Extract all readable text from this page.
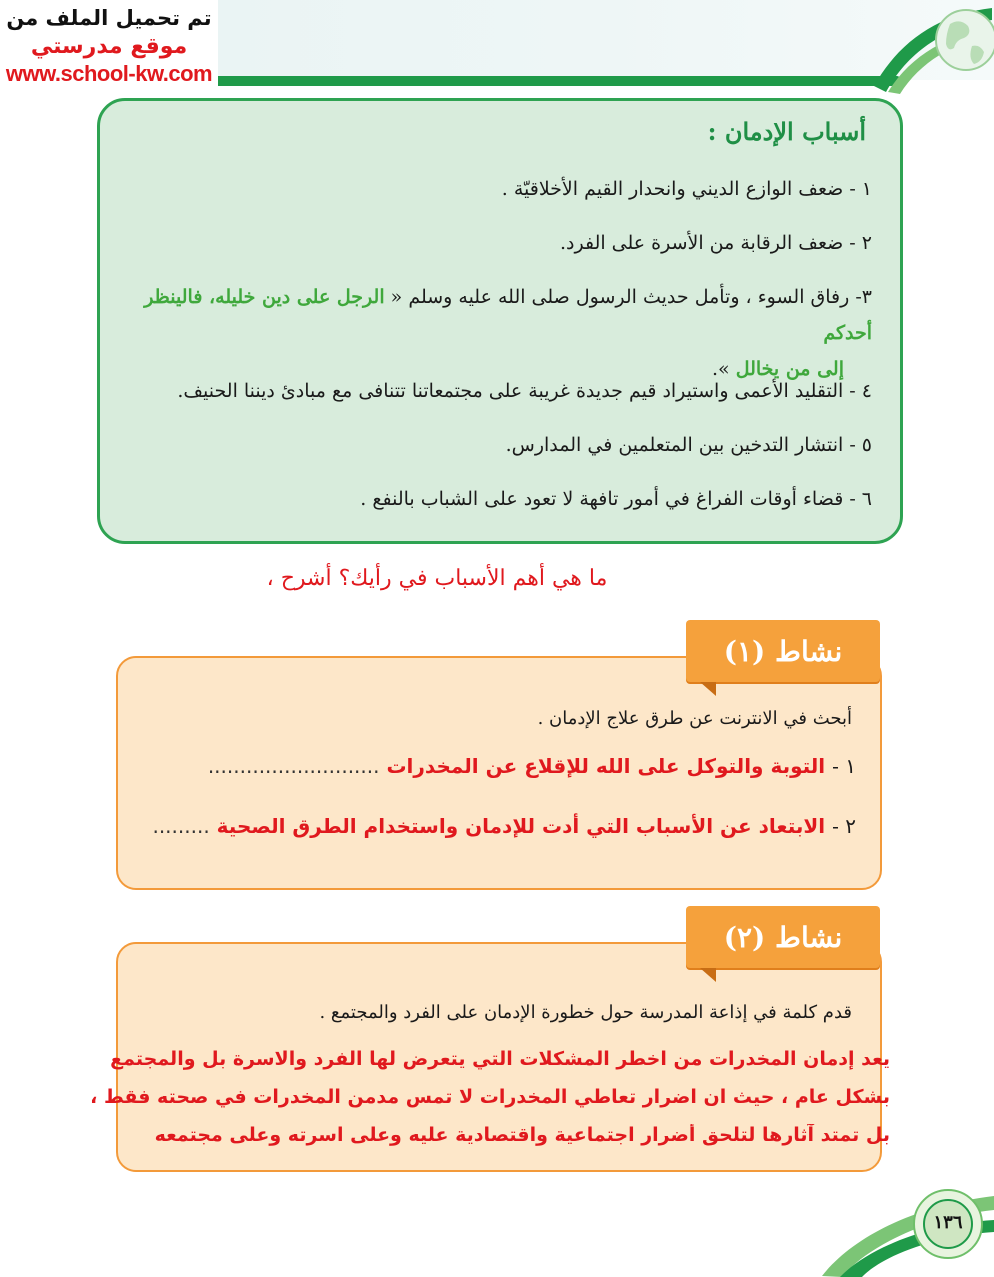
تم تحميل الملف من
موقع مدرستي
www.school-kw.com
أسباب الإدمان :
١ - ضعف الوازع الديني وانحدار القيم الأخلاقيّة .
٢ - ضعف الرقابة من الأسرة على الفرد.
٣- رفاق السوء ، وتأمل حديث الرسول صلى الله عليه وسلم « الرجل على دين خليله، فالينظر أحدكم
إلى من يخالل ».
٤ - التقليد الأعمى واستيراد قيم جديدة غريبة على مجتمعاتنا تتنافى مع مبادئ ديننا الحنيف.
٥ - انتشار التدخين بين المتعلمين في المدارس.
٦ - قضاء أوقات الفراغ في أمور تافهة لا تعود على الشباب بالنفع .
ما هي أهم الأسباب في رأيك؟ أشرح ،
أبحث في الانترنت عن طرق علاج الإدمان .
١ - التوبة والتوكل على الله للإقلاع عن المخدرات ...........................
٢ - الابتعاد عن الأسباب التي أدت للإدمان واستخدام الطرق الصحية .........
نشاط (١)
قدم كلمة في إذاعة المدرسة حول خطورة الإدمان على الفرد والمجتمع .
نشاط (٢)
يعد إدمان المخدرات من اخطر المشكلات التي يتعرض لها الفرد والاسرة بل والمجتمع
بشكل عام ، حيث ان اضرار تعاطي المخدرات لا تمس مدمن المخدرات في صحته فقط ،
بل تمتد آثارها لتلحق أضرار اجتماعية واقتصادية عليه وعلى اسرته وعلى مجتمعه
١٣٦
